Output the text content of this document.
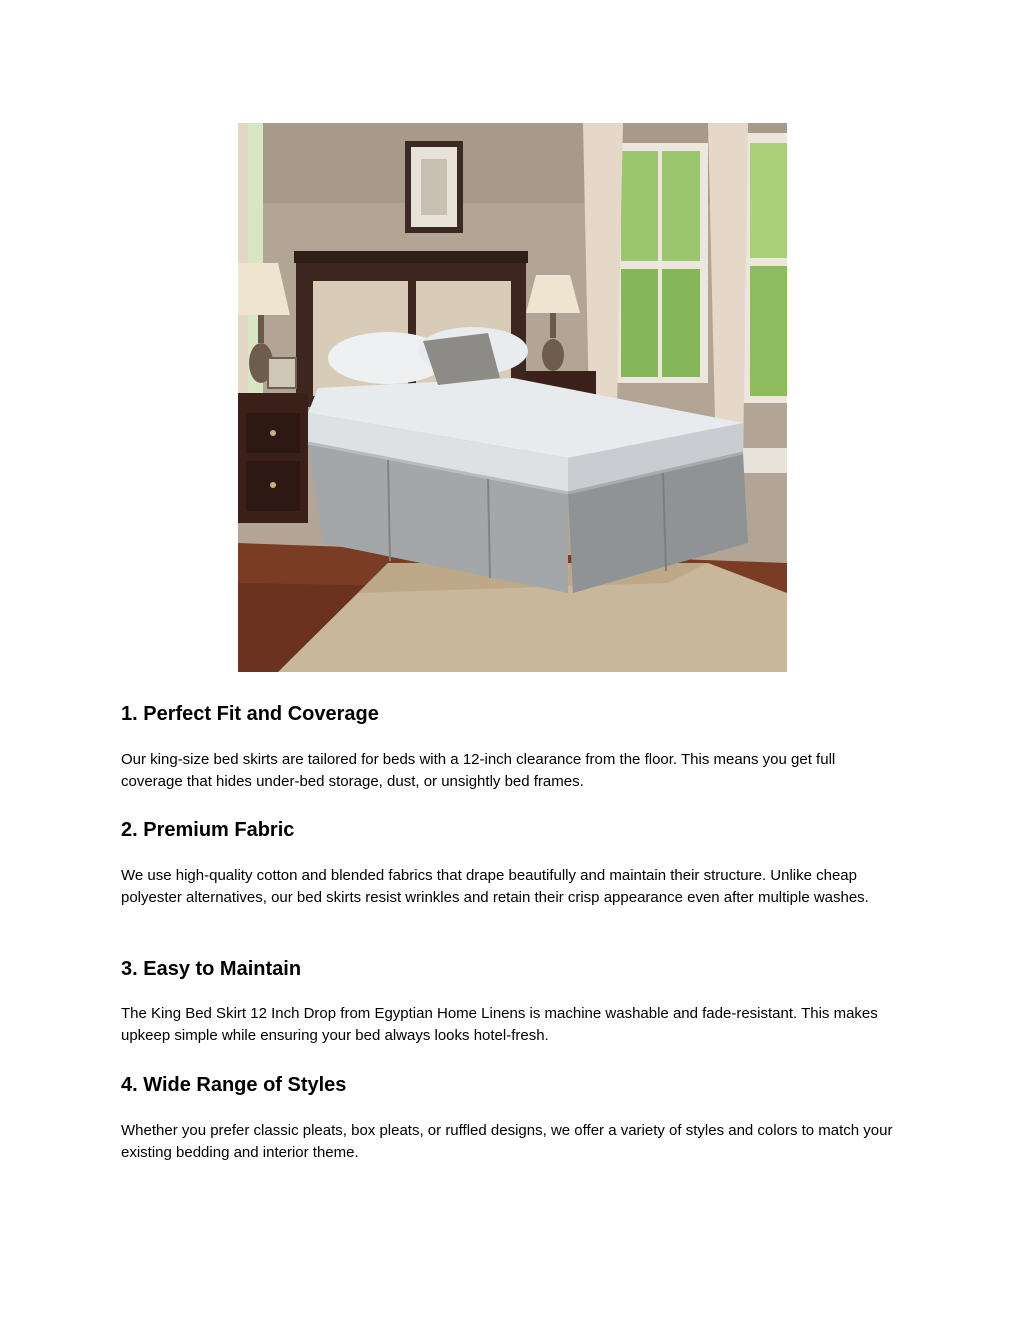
1. Perfect Fit and Coverage

Our king-size bed skirts are tailored for beds with a 12-inch clearance from the floor. This means you get full coverage that hides under-bed storage, dust, or unsightly bed frames.

2. Premium Fabric

We use high-quality cotton and blended fabrics that drape beautifully and maintain their structure. Unlike cheap polyester alternatives, our bed skirts resist wrinkles and retain their crisp appearance even after multiple washes.

3. Easy to Maintain

The King Bed Skirt 12 Inch Drop from Egyptian Home Linens is machine washable and fade-resistant. This makes upkeep simple while ensuring your bed always looks hotel-fresh.

4. Wide Range of Styles

Whether you prefer classic pleats, box pleats, or ruffled designs, we offer a variety of styles and colors to match your existing bedding and interior theme.
